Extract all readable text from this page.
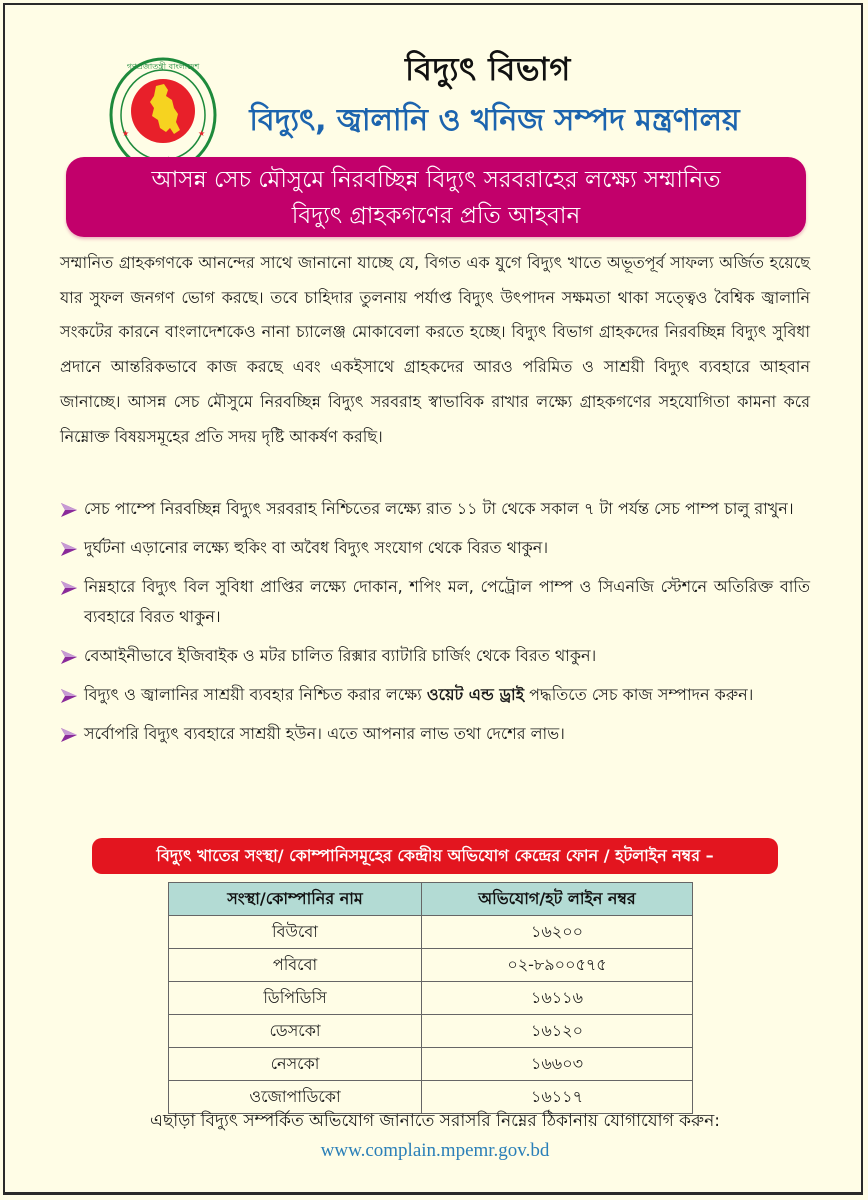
গণপ্রজাতন্ত্রী বাংলাদেশ
★	★
বিদ্যুৎ বিভাগ
বিদ্যুৎ, জ্বালানি ও খনিজ সম্পদ মন্ত্রণালয়
আসন্ন সেচ মৌসুমে নিরবচ্ছিন্ন বিদ্যুৎ সরবরাহের লক্ষ্যে সম্মানিত
বিদ্যুৎ গ্রাহকগণের প্রতি আহবান
সম্মানিত গ্রাহকগণকে আনন্দের সাথে জানানো যাচ্ছে যে, বিগত এক যুগে বিদ্যুৎ খাতে অভূতপূর্ব সাফল্য অর্জিত হয়েছে যার সুফল জনগণ ভোগ করছে। তবে চাহিদার তুলনায় পর্যাপ্ত বিদ্যুৎ উৎপাদন সক্ষমতা থাকা সত্ত্বেও বৈশ্বিক জ্বালানি সংকটের কারনে বাংলাদেশকেও নানা চ্যালেঞ্জ মোকাবেলা করতে হচ্ছে। বিদ্যুৎ বিভাগ গ্রাহকদের নিরবচ্ছিন্ন বিদ্যুৎ সুবিধা প্রদানে আন্তরিকভাবে কাজ করছে এবং একইসাথে গ্রাহকদের আরও পরিমিত ও সাশ্রয়ী বিদ্যুৎ ব্যবহারে আহবান জানাচ্ছে। আসন্ন সেচ মৌসুমে নিরবচ্ছিন্ন বিদ্যুৎ সরবরাহ স্বাভাবিক রাখার লক্ষ্যে গ্রাহকগণের সহযোগিতা কামনা করে নিম্নোক্ত বিষয়সমূহের প্রতি সদয় দৃষ্টি আকর্ষণ করছি।
সেচ পাম্পে নিরবচ্ছিন্ন বিদ্যুৎ সরবরাহ নিশ্চিতের লক্ষ্যে রাত ১১ টা থেকে সকাল ৭ টা পর্যন্ত সেচ পাম্প চালু রাখুন।
দুর্ঘটনা এড়ানোর লক্ষ্যে হুকিং বা অবৈধ বিদ্যুৎ সংযোগ থেকে বিরত থাকুন।
নিম্নহারে বিদ্যুৎ বিল সুবিধা প্রাপ্তির লক্ষ্যে দোকান, শপিং মল, পেট্রোল পাম্প ও সিএনজি স্টেশনে অতিরিক্ত বাতি ব্যবহারে বিরত থাকুন।
বেআইনীভাবে ইজিবাইক ও মটর চালিত রিক্সার ব্যাটারি চার্জিং থেকে বিরত থাকুন।
বিদ্যুৎ ও জ্বালানির সাশ্রয়ী ব্যবহার নিশ্চিত করার লক্ষ্যে ওয়েট এন্ড ড্রাই পদ্ধতিতে সেচ কাজ সম্পাদন করুন।
সর্বোপরি বিদ্যুৎ ব্যবহারে সাশ্রয়ী হউন। এতে আপনার লাভ তথা দেশের লাভ।
বিদ্যুৎ খাতের সংস্থা/ কোম্পানিসমূহের কেন্দ্রীয় অভিযোগ কেন্দ্রের ফোন / হটলাইন নম্বর –
সংস্থা/কোম্পানির নাম	অভিযোগ/হট লাইন নম্বর
বিউবো	১৬২০০
পবিবো	০২-৮৯০০৫৭৫
ডিপিডিসি	১৬১১৬
ডেসকো	১৬১২০
নেসকো	১৬৬০৩
ওজোপাডিকো	১৬১১৭
এছাড়া বিদ্যুৎ সম্পর্কিত অভিযোগ জানাতে সরাসরি নিম্নের ঠিকানায় যোগাযোগ করুন:
www.complain.mpemr.gov.bd
